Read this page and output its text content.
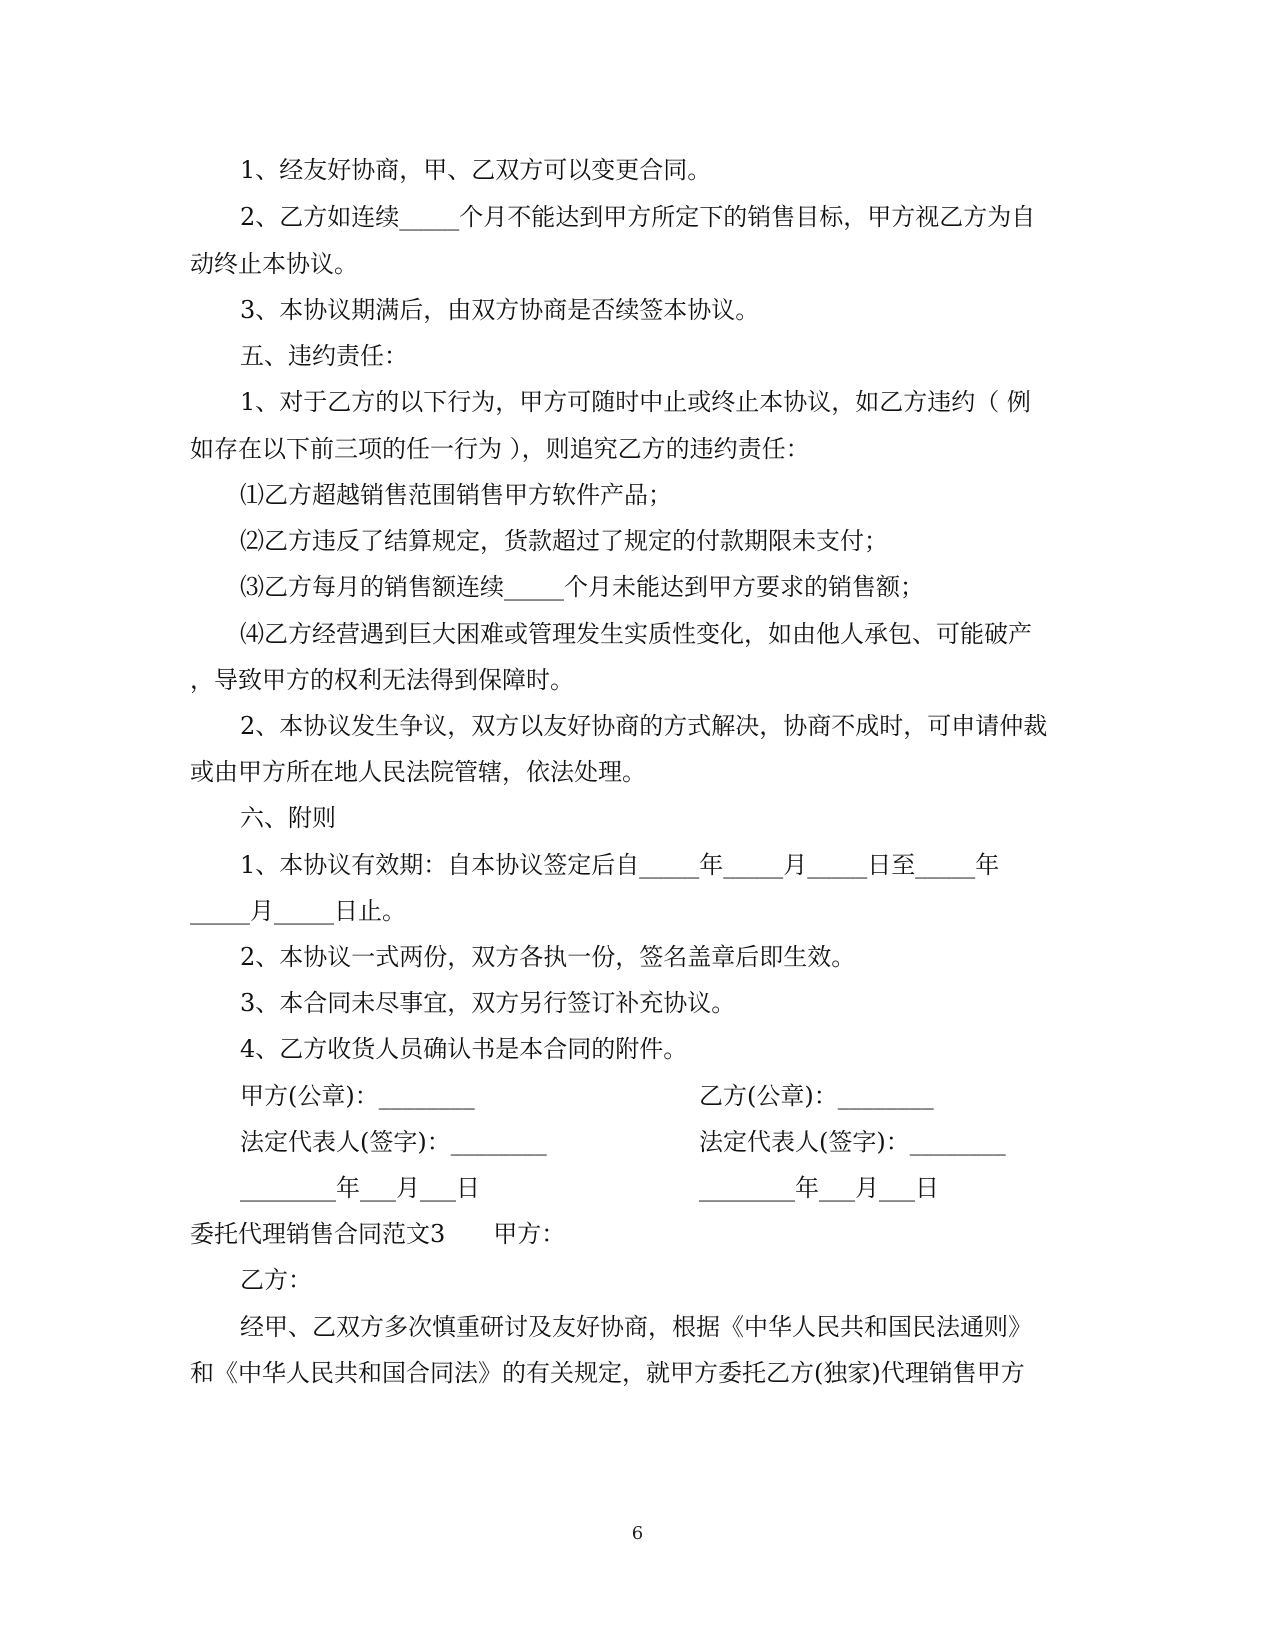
1、经友好协商，甲、乙双方可以变更合同。
2、乙方如连续_____个月不能达到甲方所定下的销售目标，甲方视乙方为自
动终止本协议。
3、本协议期满后，由双方协商是否续签本协议。
五、违约责任：
1、对于乙方的以下行为，甲方可随时中止或终止本协议，如乙方违约（ 例
如存在以下前三项的任一行为 ），则追究乙方的违约责任：
⑴乙方超越销售范围销售甲方软件产品；
⑵乙方违反了结算规定，货款超过了规定的付款期限未支付；
⑶乙方每月的销售额连续_____个月未能达到甲方要求的销售额；
⑷乙方经营遇到巨大困难或管理发生实质性变化，如由他人承包、可能破产
，导致甲方的权利无法得到保障时。
2、本协议发生争议，双方以友好协商的方式解决，协商不成时，可申请仲裁
或由甲方所在地人民法院管辖，依法处理。
六、附则
1、本协议有效期：自本协议签定后自_____年_____月_____日至_____年
_____月_____日止。
2、本协议一式两份，双方各执一份，签名盖章后即生效。
3、本合同未尽事宜，双方另行签订补充协议。
4、乙方收货人员确认书是本合同的附件。
甲方(公章)：________	乙方(公章)：________
法定代表人(签字)：________	法定代表人(签字)：________
________年___月___日	________年___月___日
委托代理销售合同范文3　　甲方：
乙方：
经甲、乙双方多次慎重研讨及友好协商，根据《中华人民共和国民法通则》
和《中华人民共和国合同法》的有关规定，就甲方委托乙方(独家)代理销售甲方
6
